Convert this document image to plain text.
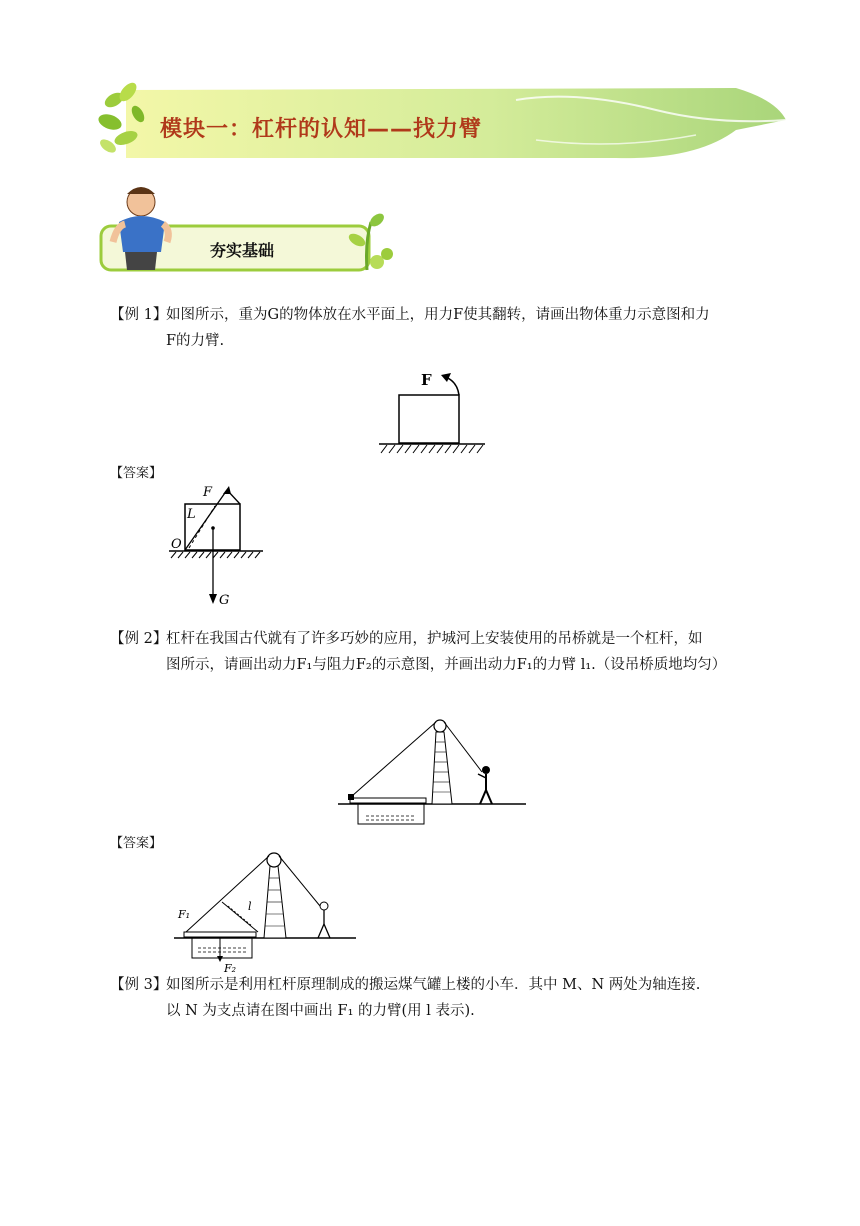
模块一：杠杆的认知——找力臂
夯实基础
【例 1】如图所示，重为G的物体放在水平面上，用力F使其翻转，请画出物体重力示意图和力
F的力臂.
F
【答案】
F
L
O
G
【例 2】杠杆在我国古代就有了许多巧妙的应用，护城河上安装使用的吊桥就是一个杠杆，如
图所示，请画出动力F₁与阻力F₂的示意图，并画出动力F₁的力臂 l₁.（设吊桥质地均匀）
【答案】
F₁
l
F₂
【例 3】如图所示是利用杠杆原理制成的搬运煤气罐上楼的小车．其中 M、N 两处为轴连接.
以 N 为支点请在图中画出 F₁ 的力臂(用 l 表示).
